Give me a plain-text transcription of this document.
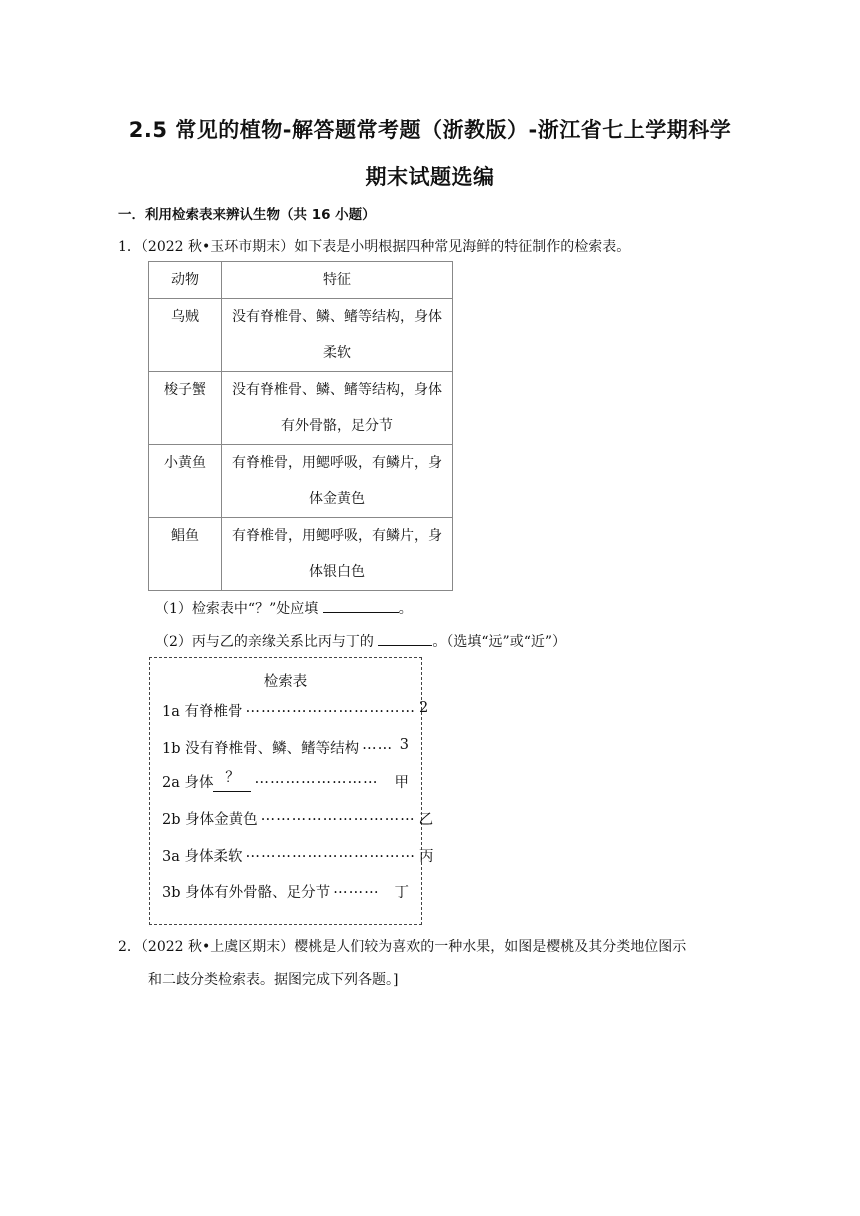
2.5 常见的植物-解答题常考题（浙教版）-浙江省七上学期科学
期末试题选编
一．利用检索表来辨认生物（共 16 小题）
1．（2022 秋•玉环市期末）如下表是小明根据四种常见海鲜的特征制作的检索表。
动物	特征
乌贼	没有脊椎骨、鳞、鳍等结构，身体
柔软
梭子蟹	没有脊椎骨、鳞、鳍等结构，身体
有外骨骼，足分节
小黄鱼	有脊椎骨，用鳃呼吸，有鳞片，身
体金黄色
鲳鱼	有脊椎骨，用鳃呼吸，有鳞片，身
体银白色
（1）检索表中“？”处应填	。
（2）丙与乙的亲缘关系比丙与丁的	。（选填“远”或“近”）
检索表
1a 有脊椎骨 …………………………… 2
1b 没有脊椎骨、鳞、鳍等结构 …… 3
2a 身体 ？	……………………	甲
2b 身体金黄色 ………………………… 乙
3a 身体柔软 …………………………… 丙
3b 身体有外骨骼、足分节 ………	丁
2．（2022 秋•上虞区期末）樱桃是人们较为喜欢的一种水果，如图是樱桃及其分类地位图示
和二歧分类检索表。据图完成下列各题。]
